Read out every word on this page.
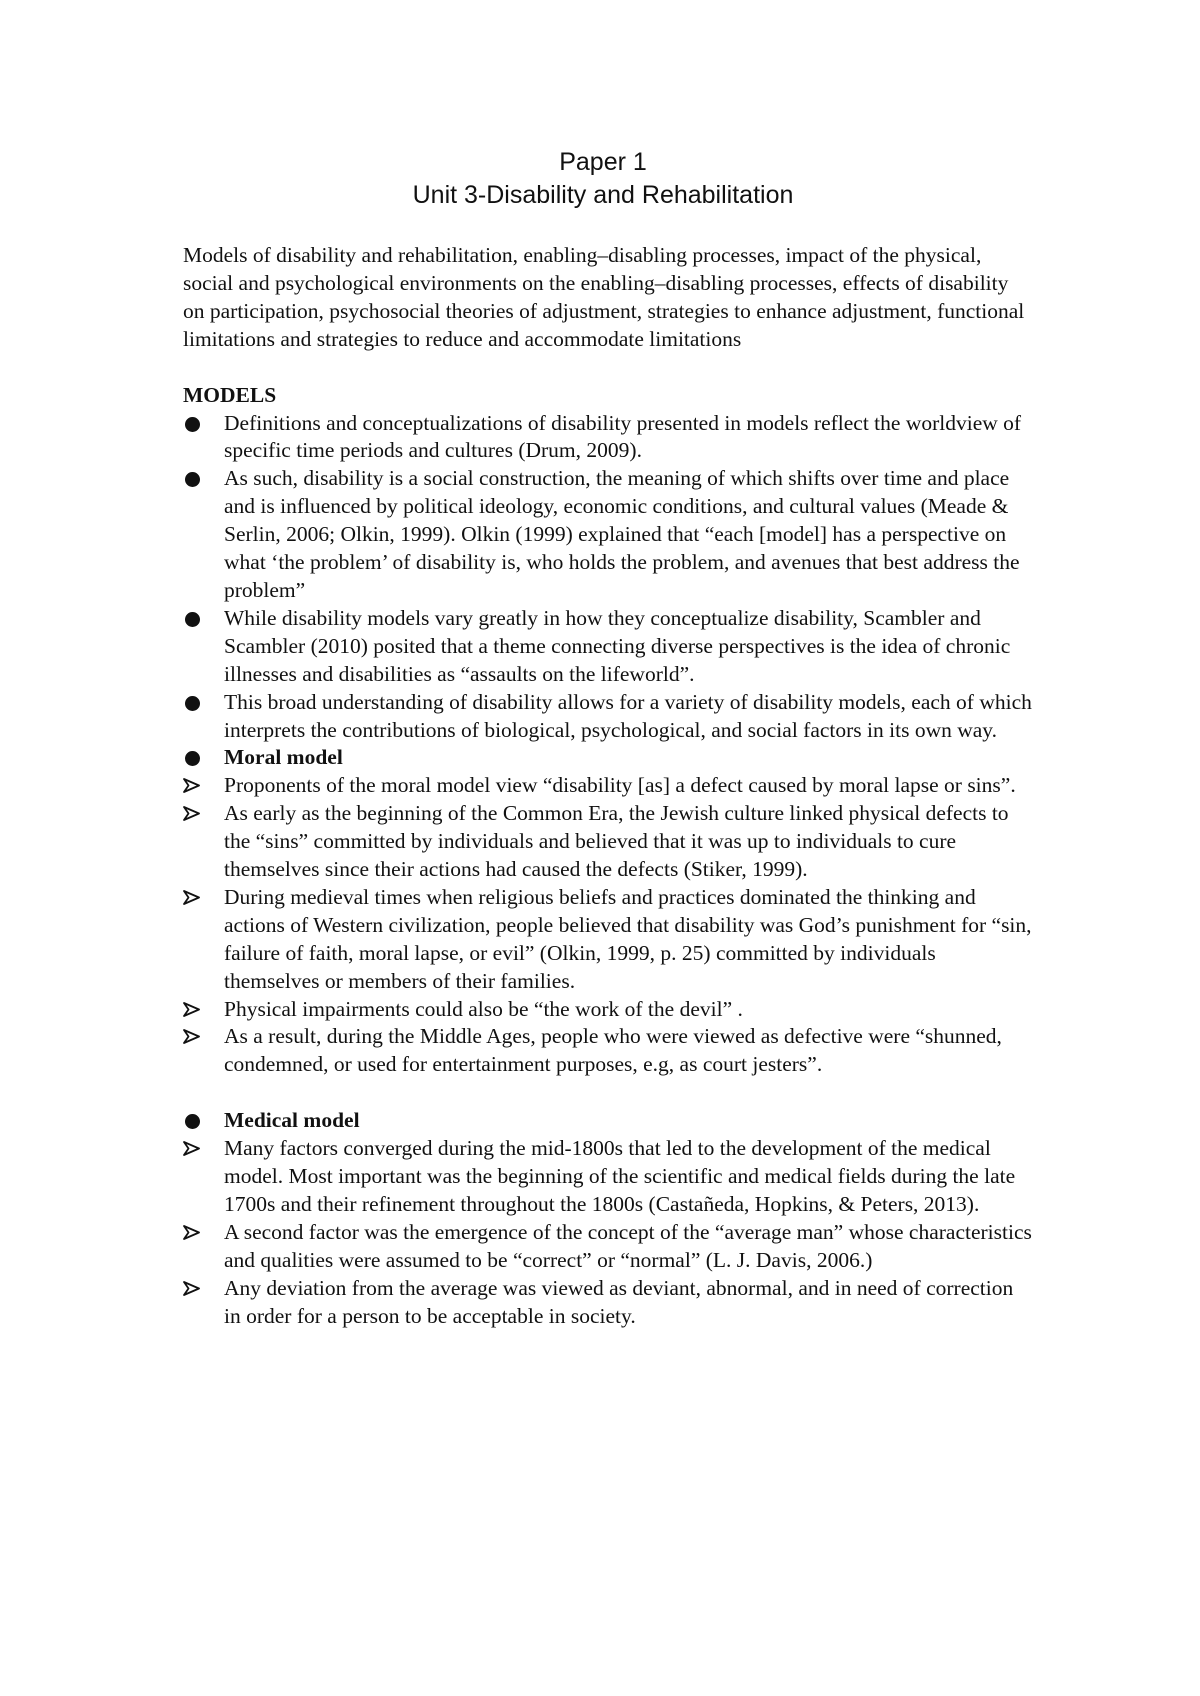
Paper 1
Unit 3-Disability and Rehabilitation
Models of disability and rehabilitation, enabling–disabling processes, impact of the physical, social and psychological environments on the enabling–disabling processes, effects of disability on participation, psychosocial theories of adjustment, strategies to enhance adjustment, functional limitations and strategies to reduce and accommodate limitations
MODELS
Definitions and conceptualizations of disability presented in models reflect the worldview of specific time periods and cultures (Drum, 2009).
As such, disability is a social construction, the meaning of which shifts over time and place and is influenced by political ideology, economic conditions, and cultural values (Meade & Serlin, 2006; Olkin, 1999). Olkin (1999) explained that “each [model] has a perspective on what ‘the problem’ of disability is, who holds the problem, and avenues that best address the problem”
While disability models vary greatly in how they conceptualize disability, Scambler and Scambler (2010) posited that a theme connecting diverse perspectives is the idea of chronic illnesses and disabilities as “assaults on the lifeworld”.
This broad understanding of disability allows for a variety of disability models, each of which interprets the contributions of biological, psychological, and social factors in its own way.
Moral model
Proponents of the moral model view “disability [as] a defect caused by moral lapse or sins”.
As early as the beginning of the Common Era, the Jewish culture linked physical defects to the “sins” committed by individuals and believed that it was up to individuals to cure themselves since their actions had caused the defects (Stiker, 1999).
During medieval times when religious beliefs and practices dominated the thinking and actions of Western civilization, people believed that disability was God’s punishment for “sin, failure of faith, moral lapse, or evil” (Olkin, 1999, p. 25) committed by individuals themselves or members of their families.
Physical impairments could also be “the work of the devil” .
As a result, during the Middle Ages, people who were viewed as defective were “shunned, condemned, or used for entertainment purposes, e.g, as court jesters”.
Medical model
Many factors converged during the mid-1800s that led to the development of the medical model. Most important was the beginning of the scientific and medical fields during the late 1700s and their refinement throughout the 1800s (Castañeda, Hopkins, & Peters, 2013).
A second factor was the emergence of the concept of the “average man” whose characteristics and qualities were assumed to be “correct” or “normal” (L. J. Davis, 2006.)
Any deviation from the average was viewed as deviant, abnormal, and in need of correction in order for a person to be acceptable in society.
